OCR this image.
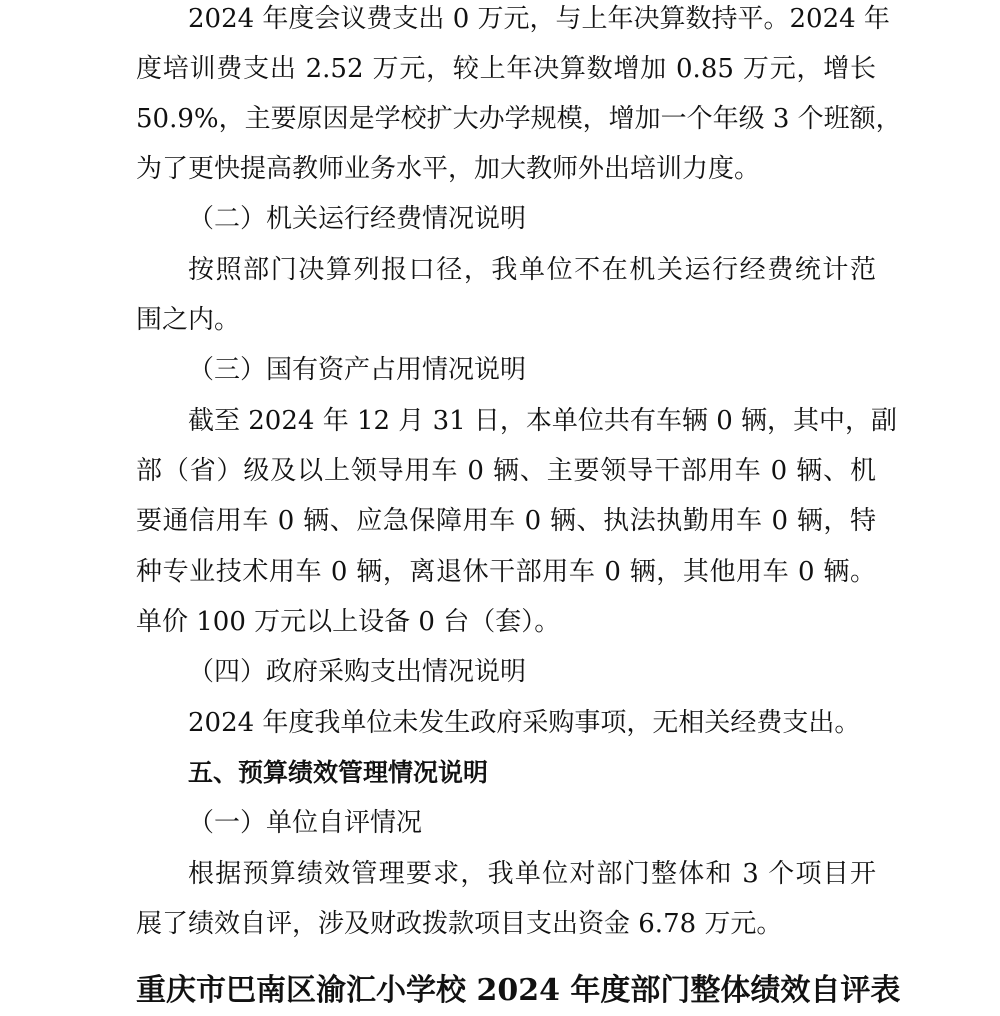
2024 年度会议费支出 0 万元，与上年决算数持平。2024 年
度培训费支出 2.52 万元，较上年决算数增加 0.85 万元，增长
50.9%，主要原因是学校扩大办学规模，增加一个年级 3 个班额，
为了更快提高教师业务水平，加大教师外出培训力度。
（二）机关运行经费情况说明
按照部门决算列报口径，我单位不在机关运行经费统计范
围之内。
（三）国有资产占用情况说明
截至 2024 年 12 月 31 日，本单位共有车辆 0 辆，其中，副
部（省）级及以上领导用车 0 辆、主要领导干部用车 0 辆、机
要通信用车 0 辆、应急保障用车 0 辆、执法执勤用车 0 辆，特
种专业技术用车 0 辆，离退休干部用车 0 辆，其他用车 0 辆。
单价 100 万元以上设备 0 台（套）。
（四）政府采购支出情况说明
2024 年度我单位未发生政府采购事项，无相关经费支出。
五、预算绩效管理情况说明
（一）单位自评情况
根据预算绩效管理要求，我单位对部门整体和 3 个项目开
展了绩效自评，涉及财政拨款项目支出资金 6.78 万元。
重庆市巴南区渝汇小学校 2024 年度部门整体绩效自评表
